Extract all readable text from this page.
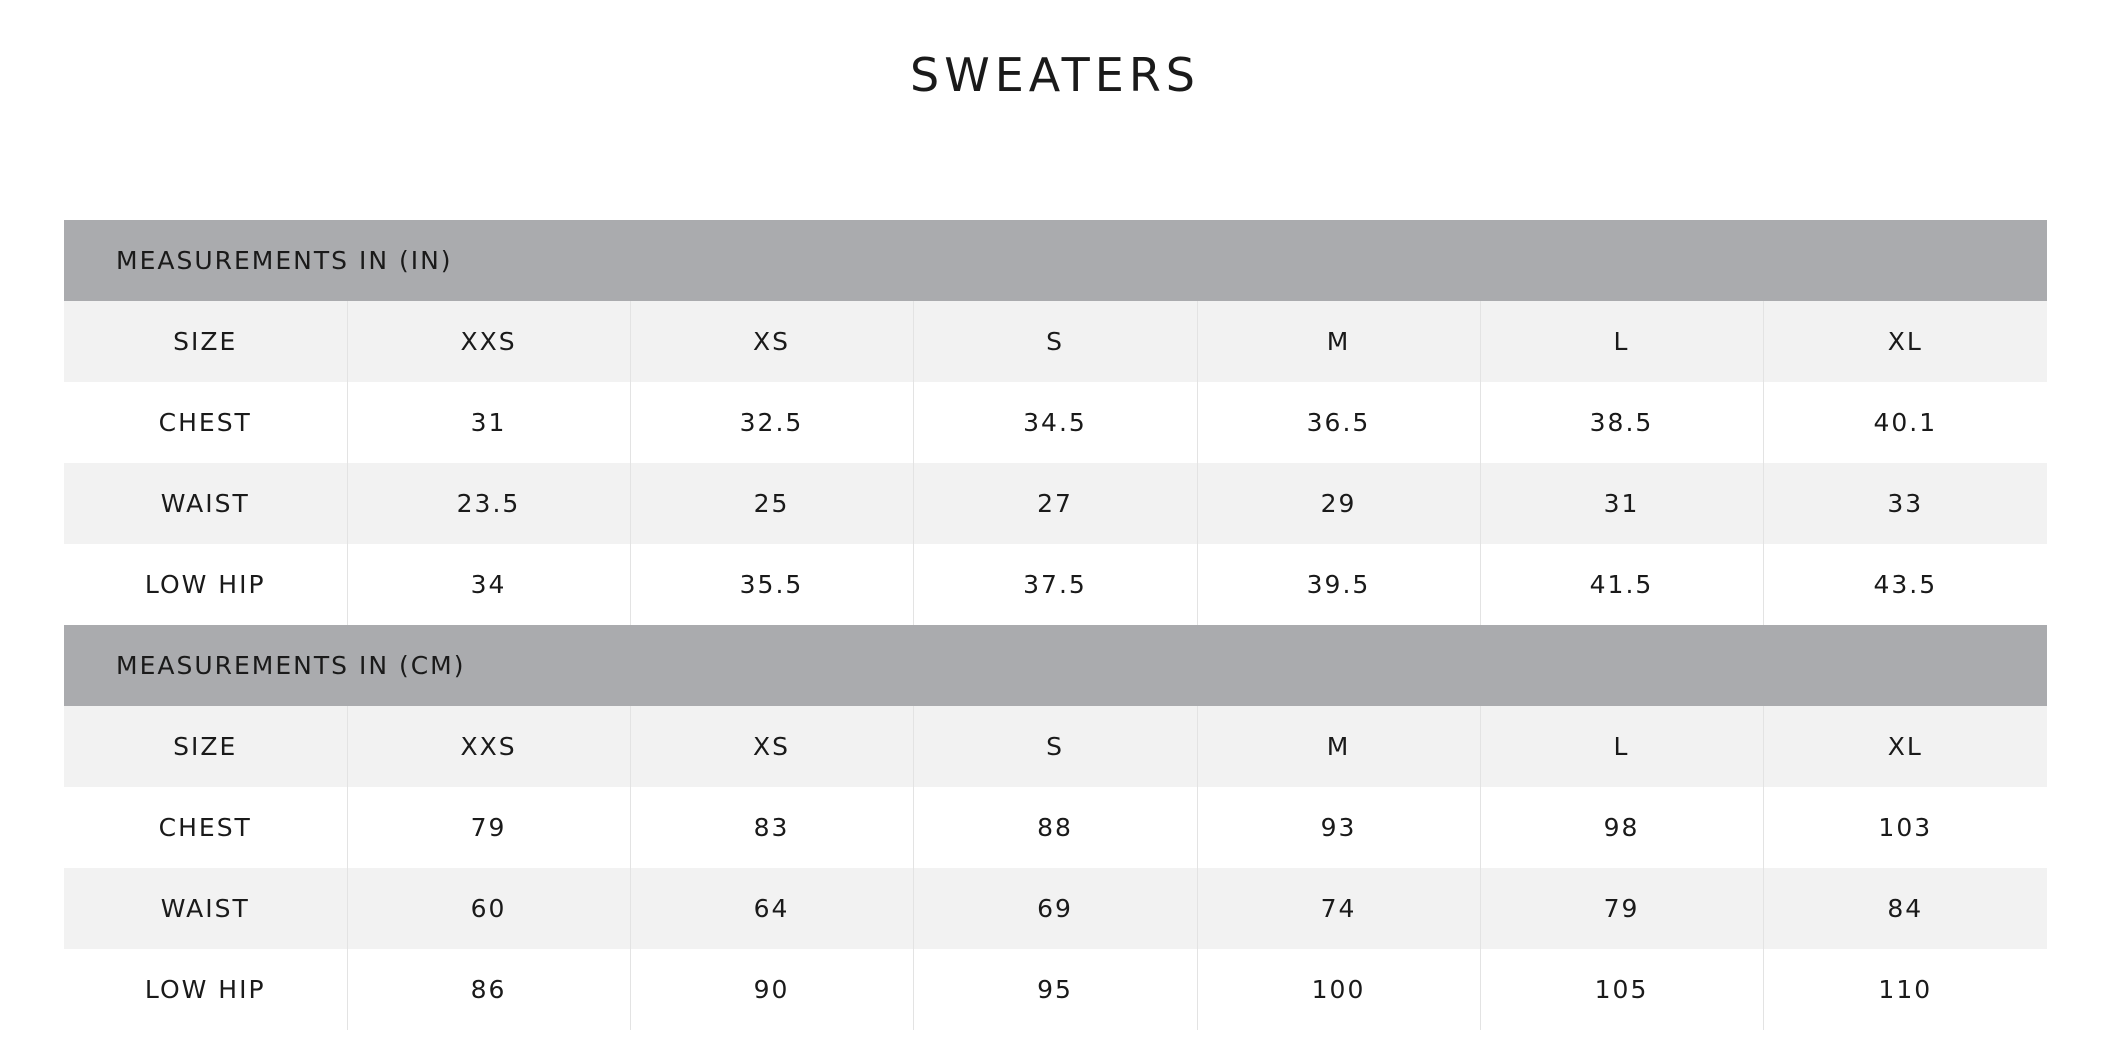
SWEATERS
MEASUREMENTS IN (IN)						
SIZE	XXS	XS	S	M	L	XL
CHEST	31	32.5	34.5	36.5	38.5	40.1
WAIST	23.5	25	27	29	31	33
LOW HIP	34	35.5	37.5	39.5	41.5	43.5
MEASUREMENTS IN (CM)						
SIZE	XXS	XS	S	M	L	XL
CHEST	79	83	88	93	98	103
WAIST	60	64	69	74	79	84
LOW HIP	86	90	95	100	105	110
